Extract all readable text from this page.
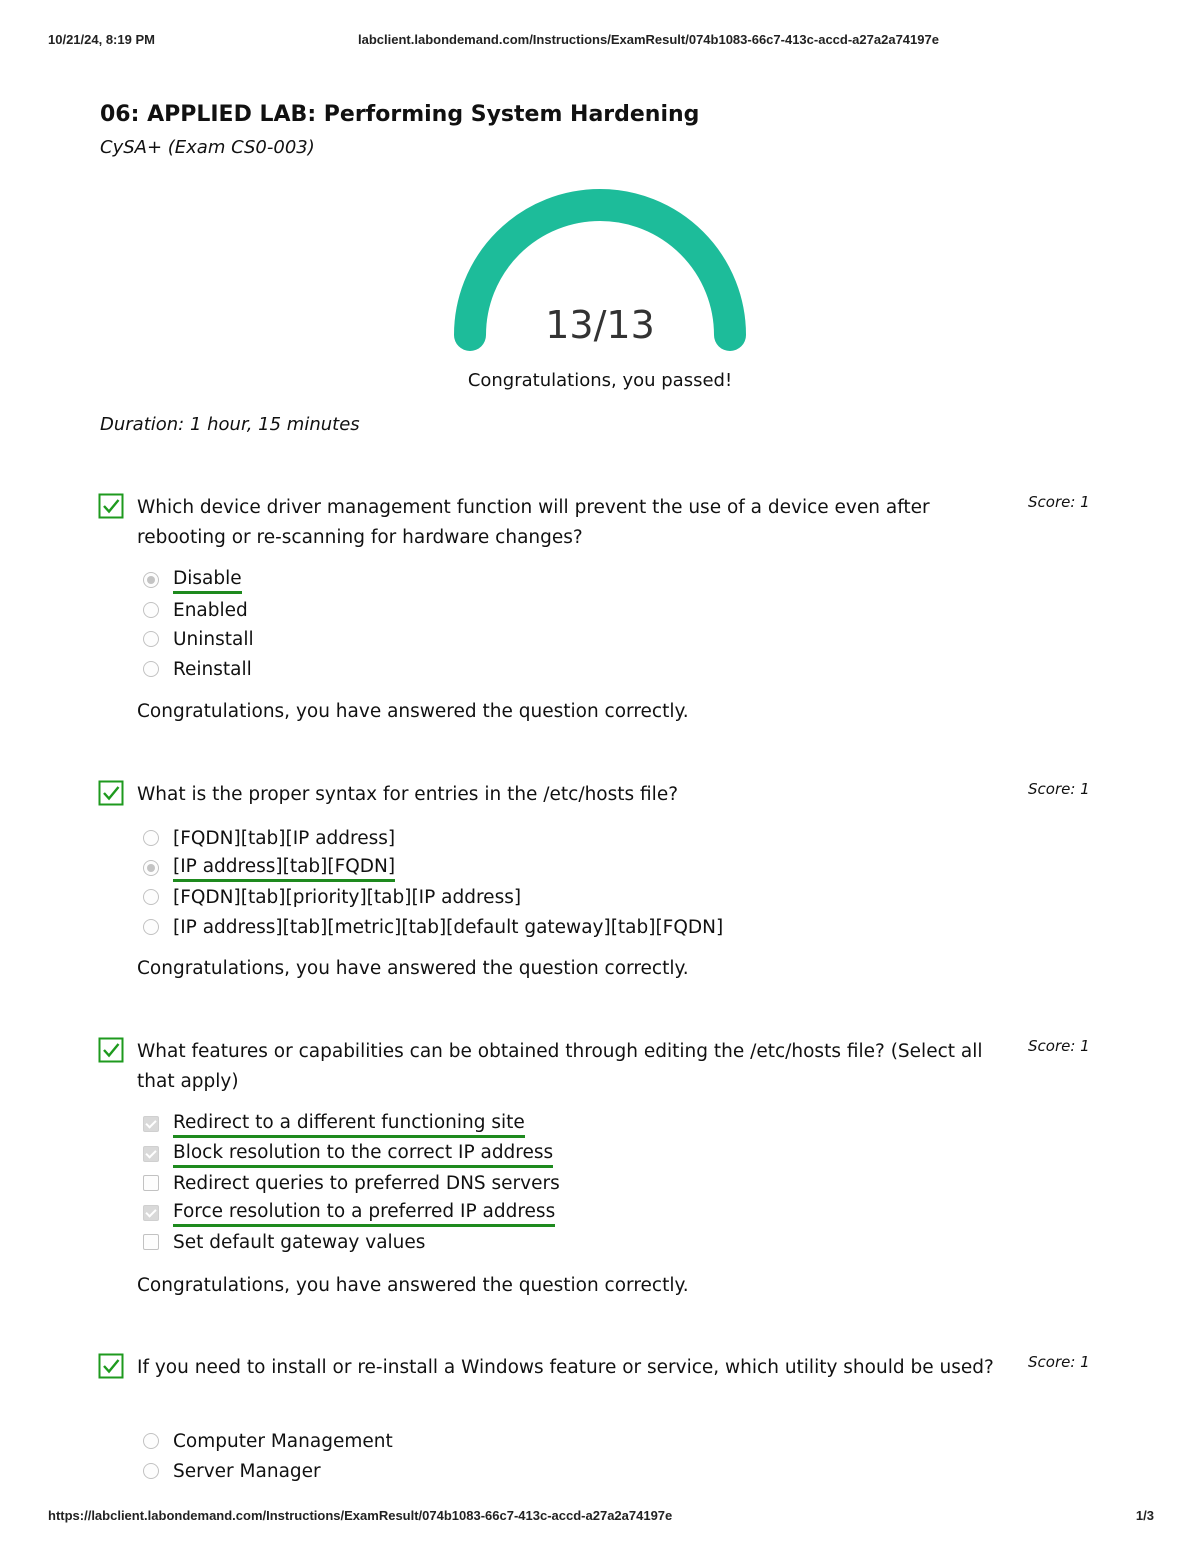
10/21/24, 8:19 PM	labclient.labondemand.com/Instructions/ExamResult/074b1083-66c7-413c-accd-a27a2a74197e
06: APPLIED LAB: Performing System Hardening
CySA+ (Exam CS0-003)
13/13
Congratulations, you passed!
Duration: 1 hour, 15 minutes
Which device driver management function will prevent the use of a device even after rebooting or re-scanning for hardware changes?
Score: 1
Disable
Enabled
Uninstall
Reinstall
Congratulations, you have answered the question correctly.
What is the proper syntax for entries in the /etc/hosts file?	Score: 1
[FQDN][tab][IP address]
[IP address][tab][FQDN]
[FQDN][tab][priority][tab][IP address]
[IP address][tab][metric][tab][default gateway][tab][FQDN]
Congratulations, you have answered the question correctly.
What features or capabilities can be obtained through editing the /etc/hosts file? (Select all that apply)
Score: 1
Redirect to a different functioning site
Block resolution to the correct IP address
Redirect queries to preferred DNS servers
Force resolution to a preferred IP address
Set default gateway values
Congratulations, you have answered the question correctly.
If you need to install or re-install a Windows feature or service, which utility should be used? Score: 1
Computer Management
Server Manager
https://labclient.labondemand.com/Instructions/ExamResult/074b1083-66c7-413c-accd-a27a2a74197e	1/3
